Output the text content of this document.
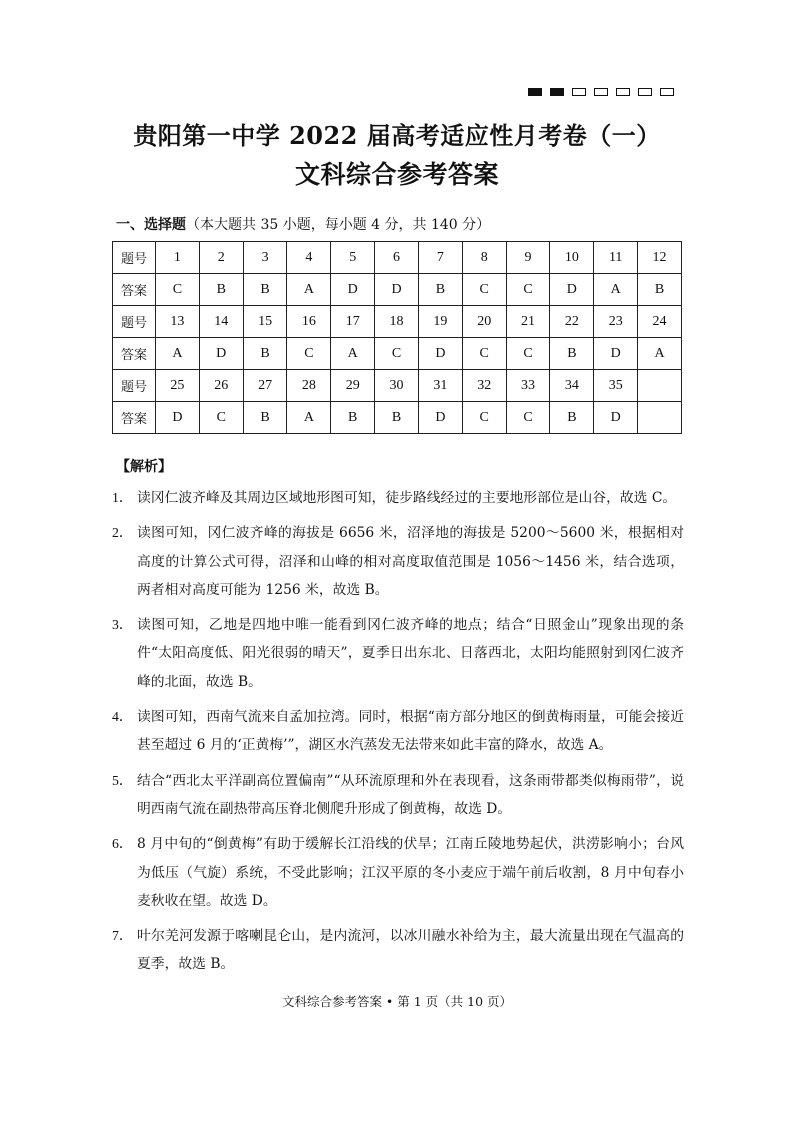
贵阳第一中学 2022 届高考适应性月考卷（一）
文科综合参考答案
一、选择题（本大题共 35 小题，每小题 4 分，共 140 分）
题号	1	2	3	4	5	6	7	8	9	10	11	12
答案	C	B	B	A	D	D	B	C	C	D	A	B
题号	13	14	15	16	17	18	19	20	21	22	23	24
答案	A	D	B	C	A	C	D	C	C	B	D	A
题号	25	26	27	28	29	30	31	32	33	34	35	
答案	D	C	B	A	B	B	D	C	C	B	D	
【解析】
1． 读冈仁波齐峰及其周边区域地形图可知，徒步路线经过的主要地形部位是山谷，故选 C。
2． 读图可知，冈仁波齐峰的海拔是 6656 米，沼泽地的海拔是 5200～5600 米，根据相对高度的计算公式可得，沼泽和山峰的相对高度取值范围是 1056～1456 米，结合选项，两者相对高度可能为 1256 米，故选 B。
3． 读图可知，乙地是四地中唯一能看到冈仁波齐峰的地点；结合“日照金山”现象出现的条件“太阳高度低、阳光很弱的晴天”，夏季日出东北、日落西北，太阳均能照射到冈仁波齐峰的北面，故选 B。
4． 读图可知，西南气流来自孟加拉湾。同时，根据“南方部分地区的倒黄梅雨量，可能会接近甚至超过 6 月的‘正黄梅’”，湖区水汽蒸发无法带来如此丰富的降水，故选 A。
5． 结合“西北太平洋副高位置偏南”“从环流原理和外在表现看，这条雨带都类似梅雨带”，说明西南气流在副热带高压脊北侧爬升形成了倒黄梅，故选 D。
6． 8 月中旬的“倒黄梅”有助于缓解长江沿线的伏旱；江南丘陵地势起伏，洪涝影响小；台风为低压（气旋）系统，不受此影响；江汉平原的冬小麦应于端午前后收割，8 月中旬春小麦秋收在望。故选 D。
7． 叶尔羌河发源于喀喇昆仑山，是内流河，以冰川融水补给为主，最大流量出现在气温高的夏季，故选 B。
文科综合参考答案 • 第 1 页（共 10 页）
